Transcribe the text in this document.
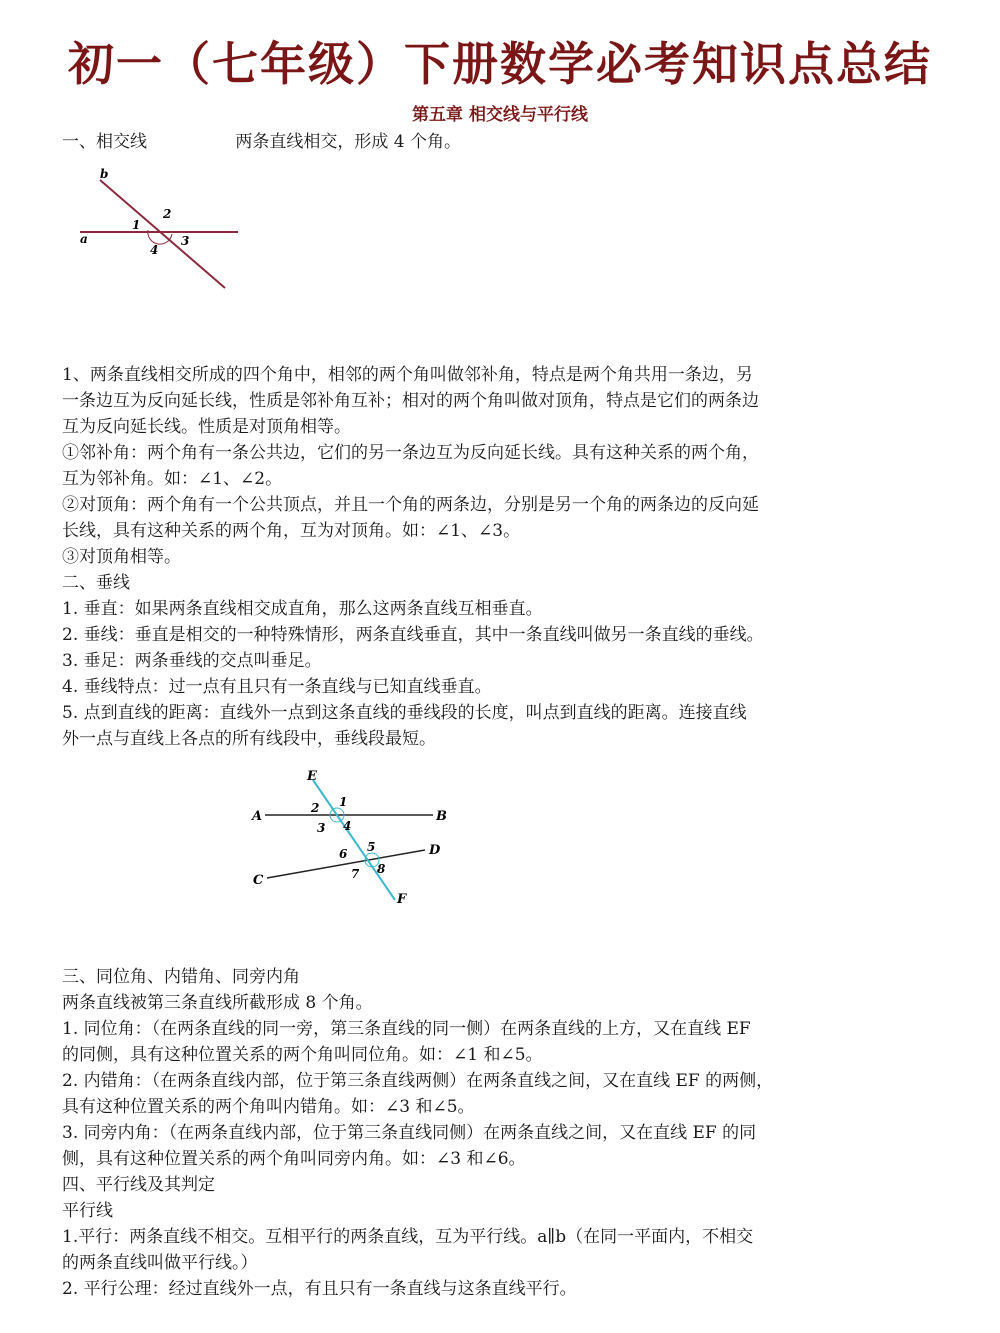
初一（七年级）下册数学必考知识点总结
第五章 相交线与平行线
一、相交线	两条直线相交，形成 4 个角。
a
b
1
2
3
4
1、两条直线相交所成的四个角中，相邻的两个角叫做邻补角，特点是两个角共用一条边，另
一条边互为反向延长线，性质是邻补角互补；相对的两个角叫做对顶角，特点是它们的两条边
互为反向延长线。性质是对顶角相等。
①邻补角：两个角有一条公共边，它们的另一条边互为反向延长线。具有这种关系的两个角，
互为邻补角。如：∠1、∠2。
②对顶角：两个角有一个公共顶点，并且一个角的两条边，分别是另一个角的两条边的反向延
长线，具有这种关系的两个角，互为对顶角。如：∠1、∠3。
③对顶角相等。
二、垂线
1. 垂直：如果两条直线相交成直角，那么这两条直线互相垂直。
2. 垂线：垂直是相交的一种特殊情形，两条直线垂直，其中一条直线叫做另一条直线的垂线。
3. 垂足：两条垂线的交点叫垂足。
4. 垂线特点：过一点有且只有一条直线与已知直线垂直。
5. 点到直线的距离：直线外一点到这条直线的垂线段的长度，叫点到直线的距离。连接直线
外一点与直线上各点的所有线段中，垂线段最短。
E
F
A	B
C
D
1
2
3 4
5
6
7 8
三、同位角、内错角、同旁内角
两条直线被第三条直线所截形成 8 个角。
1. 同位角：（在两条直线的同一旁，第三条直线的同一侧）在两条直线的上方，又在直线 EF
的同侧，具有这种位置关系的两个角叫同位角。如：∠1 和∠5。
2. 内错角：（在两条直线内部，位于第三条直线两侧）在两条直线之间，又在直线 EF 的两侧，
具有这种位置关系的两个角叫内错角。如：∠3 和∠5。
3. 同旁内角：（在两条直线内部，位于第三条直线同侧）在两条直线之间，又在直线 EF 的同
侧，具有这种位置关系的两个角叫同旁内角。如：∠3 和∠6。
四、平行线及其判定
平行线
1.平行：两条直线不相交。互相平行的两条直线，互为平行线。a∥b（在同一平面内，不相交
的两条直线叫做平行线。）
2. 平行公理：经过直线外一点，有且只有一条直线与这条直线平行。
